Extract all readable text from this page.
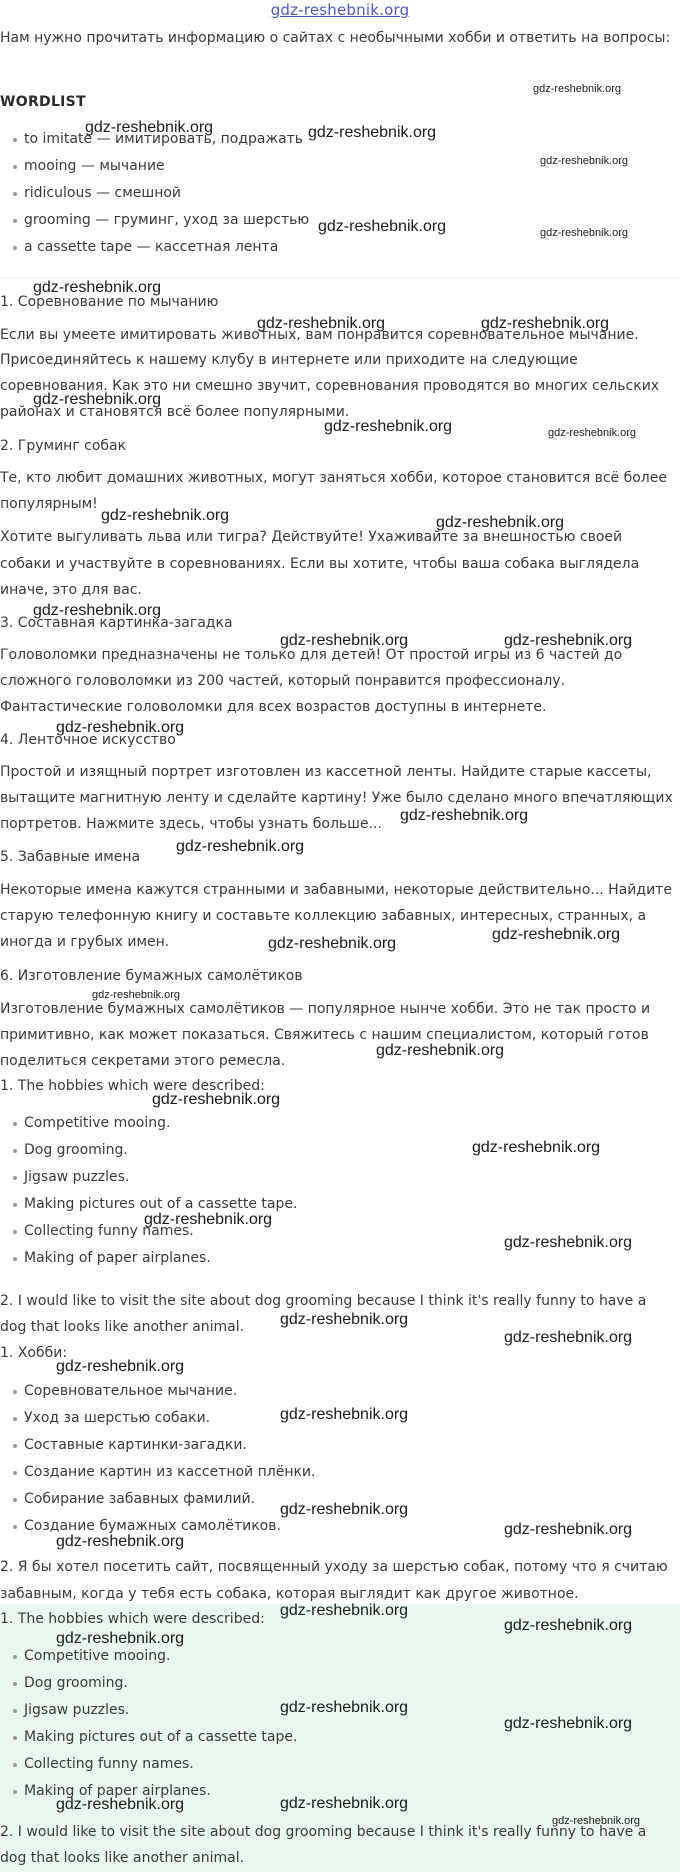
gdz-reshebnik.org

Нам нужно прочитать информацию о сайтах с необычными хобби и ответить на вопросы:

WORDLIST
to imitate — имитировать, подражать
mooing — мычание
ridiculous — смешной
grooming — груминг, уход за шерстью
a cassette tape — кассетная лента

1. Соревнование по мычанию

Если вы умеете имитировать животных, вам понравится соревновательное мычание.

Присоединяйтесь к нашему клубу в интернете или приходите на следующие

соревнования. Как это ни смешно звучит, соревнования проводятся во многих сельских

районах и становятся всё более популярными.

2. Груминг собак

Те, кто любит домашних животных, могут заняться хобби, которое становится всё более

популярным!

Хотите выгуливать льва или тигра? Действуйте! Ухаживайте за внешностью своей

собаки и участвуйте в соревнованиях. Если вы хотите, чтобы ваша собака выглядела

иначе, это для вас.

3. Составная картинка-загадка

Головоломки предназначены не только для детей! От простой игры из 6 частей до

сложного головоломки из 200 частей, который понравится профессионалу.

Фантастические головоломки для всех возрастов доступны в интернете.

4. Ленточное искусство

Простой и изящный портрет изготовлен из кассетной ленты. Найдите старые кассеты,

вытащите магнитную ленту и сделайте картину! Уже было сделано много впечатляющих

портретов. Нажмите здесь, чтобы узнать больше...

5. Забавные имена

Некоторые имена кажутся странными и забавными, некоторые действительно... Найдите

старую телефонную книгу и составьте коллекцию забавных, интересных, странных, а

иногда и грубых имен.

6. Изготовление бумажных самолётиков

Изготовление бумажных самолётиков — популярное нынче хобби. Это не так просто и

примитивно, как может показаться. Свяжитесь с нашим специалистом, который готов

поделиться секретами этого ремесла.

1. The hobbies which were described:

Competitive mooing.
Dog grooming.
Jigsaw puzzles.
Making pictures out of a cassette tape.
Collecting funny names.
Making of paper airplanes.

2. I would like to visit the site about dog grooming because I think it's really funny to have a

dog that looks like another animal.

1. Хобби:

Соревновательное мычание.
Уход за шерстью собаки.
Составные картинки-загадки.
Создание картин из кассетной плёнки.
Собирание забавных фамилий.
Создание бумажных самолётиков.

2. Я бы хотел посетить сайт, посвященный уходу за шерстью собак, потому что я считаю

забавным, когда у тебя есть собака, которая выглядит как другое животное.

1. The hobbies which were described:

Competitive mooing.
Dog grooming.
Jigsaw puzzles.
Making pictures out of a cassette tape.
Collecting funny names.
Making of paper airplanes.

2. I would like to visit the site about dog grooming because I think it's really funny to have a

dog that looks like another animal.

gdz-reshebnik.org
gdz-reshebnik.org	gdz-reshebnik.org
gdz-reshebnik.org
gdz-reshebnik.org	gdz-reshebnik.org
gdz-reshebnik.org
gdz-reshebnik.org	gdz-reshebnik.org
gdz-reshebnik.org
gdz-reshebnik.org	gdz-reshebnik.org
gdz-reshebnik.org	gdz-reshebnik.org
gdz-reshebnik.org
gdz-reshebnik.org	gdz-reshebnik.org
gdz-reshebnik.org
gdz-reshebnik.org
gdz-reshebnik.org
gdz-reshebnik.org
gdz-reshebnik.org
gdz-reshebnik.org
gdz-reshebnik.org
gdz-reshebnik.org
gdz-reshebnik.org
gdz-reshebnik.org
gdz-reshebnik.org
gdz-reshebnik.org
gdz-reshebnik.org
gdz-reshebnik.org
gdz-reshebnik.org
gdz-reshebnik.org
gdz-reshebnik.org
gdz-reshebnik.org
gdz-reshebnik.org
gdz-reshebnik.org
gdz-reshebnik.org
gdz-reshebnik.org
gdz-reshebnik.org
gdz-reshebnik.org	gdz-reshebnik.org
gdz-reshebnik.org
